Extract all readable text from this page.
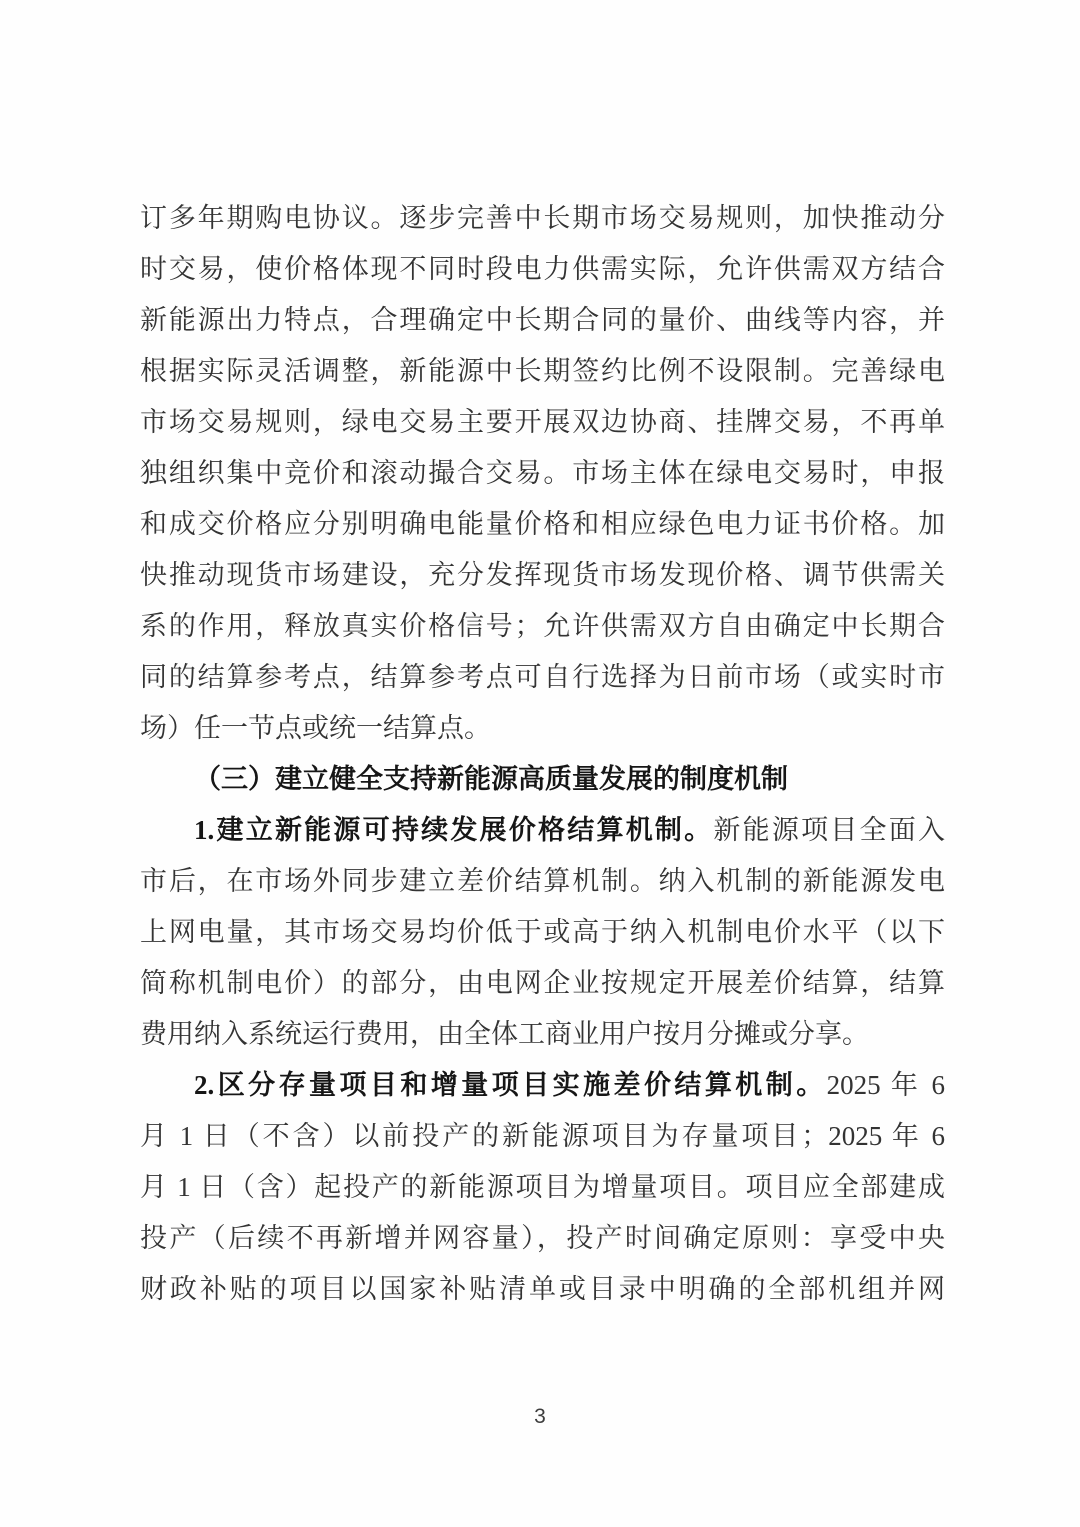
订多年期购电协议。逐步完善中长期市场交易规则，加快推动分
时交易，使价格体现不同时段电力供需实际，允许供需双方结合
新能源出力特点，合理确定中长期合同的量价、曲线等内容，并
根据实际灵活调整，新能源中长期签约比例不设限制。完善绿电
市场交易规则，绿电交易主要开展双边协商、挂牌交易，不再单
独组织集中竞价和滚动撮合交易。市场主体在绿电交易时，申报
和成交价格应分别明确电能量价格和相应绿色电力证书价格。加
快推动现货市场建设，充分发挥现货市场发现价格、调节供需关
系的作用，释放真实价格信号；允许供需双方自由确定中长期合
同的结算参考点，结算参考点可自行选择为日前市场（或实时市
场）任一节点或统一结算点。
（三）建立健全支持新能源高质量发展的制度机制
1.建立新能源可持续发展价格结算机制。新能源项目全面入
市后，在市场外同步建立差价结算机制。纳入机制的新能源发电
上网电量，其市场交易均价低于或高于纳入机制电价水平（以下
简称机制电价）的部分，由电网企业按规定开展差价结算，结算
费用纳入系统运行费用，由全体工商业用户按月分摊或分享。
2.区分存量项目和增量项目实施差价结算机制。2025 年 6
月 1 日（不含）以前投产的新能源项目为存量项目；2025 年 6
月 1 日（含）起投产的新能源项目为增量项目。项目应全部建成
投产（后续不再新增并网容量），投产时间确定原则：享受中央
财政补贴的项目以国家补贴清单或目录中明确的全部机组并网
3
